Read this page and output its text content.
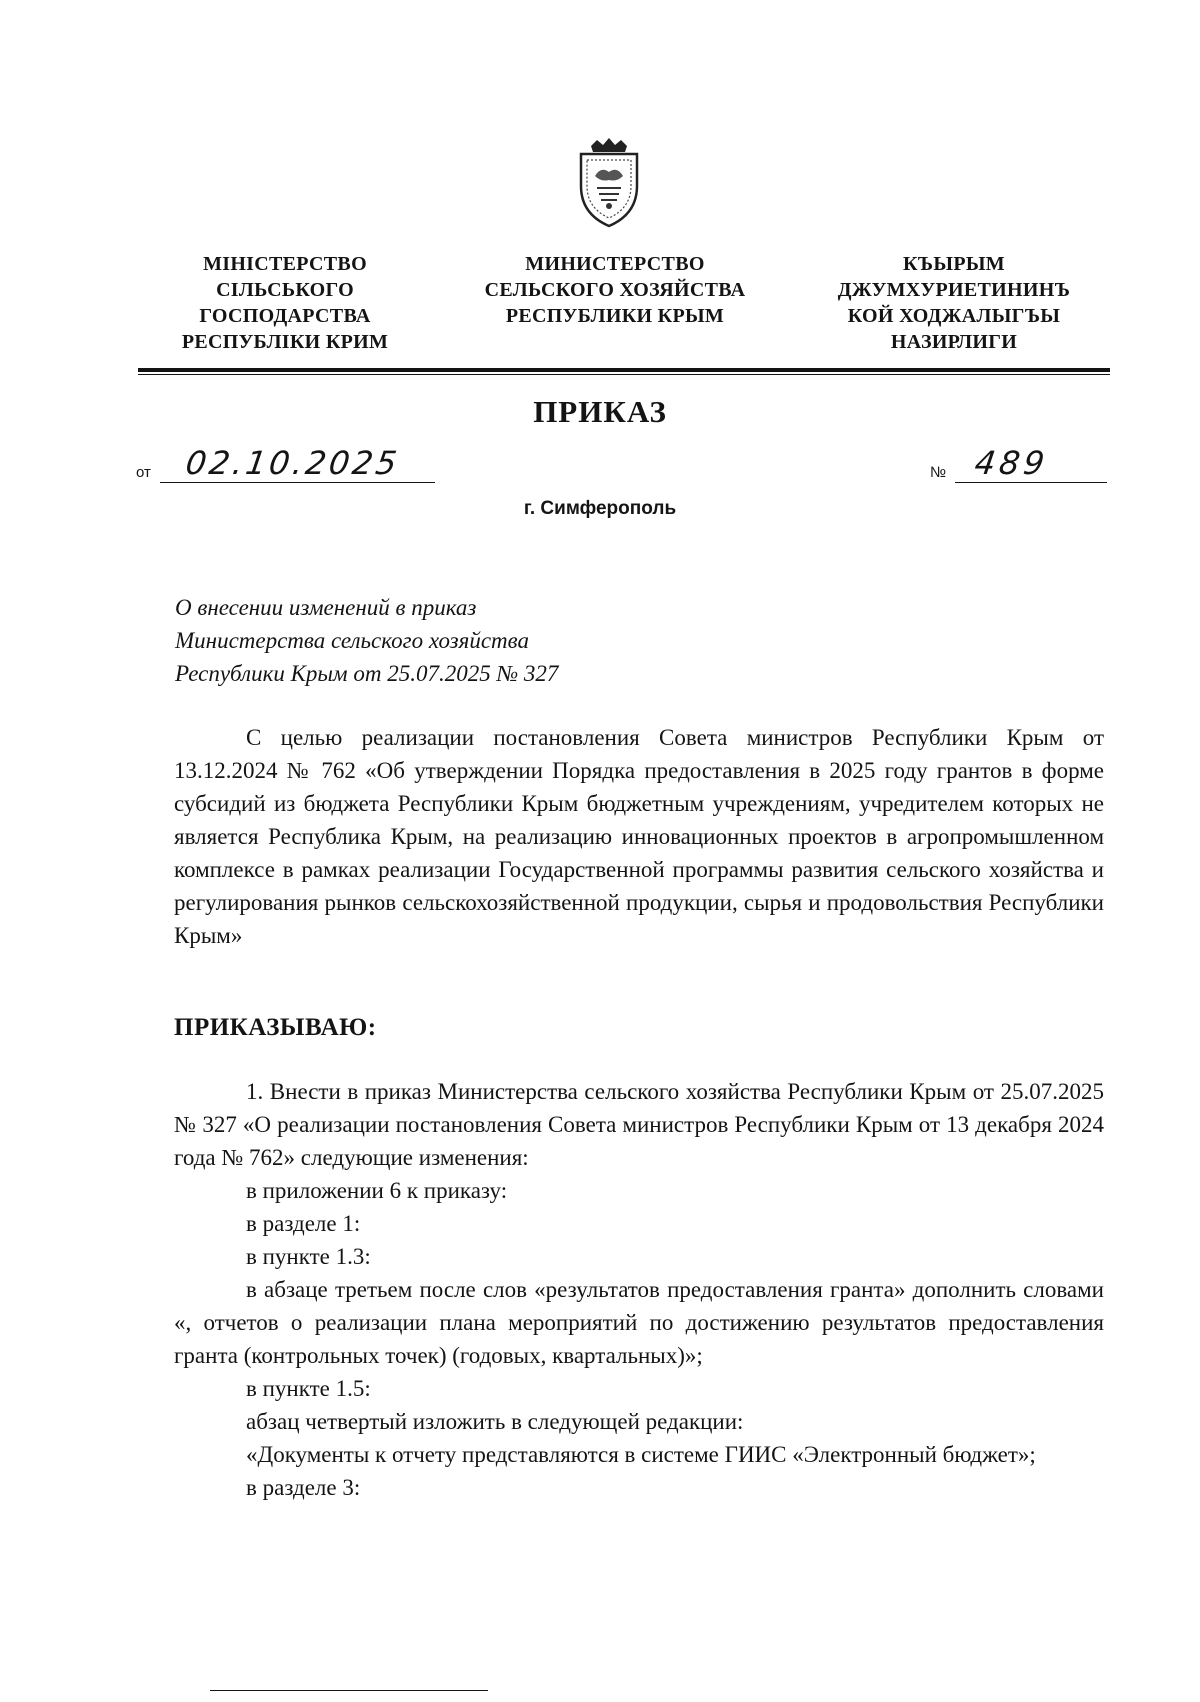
МІНІСТЕРСТВО
СІЛЬСЬКОГО
ГОСПОДАРСТВА
РЕСПУБЛІКИ КРИМ
МИНИСТЕРСТВО
СЕЛЬСКОГО ХОЗЯЙСТВА
РЕСПУБЛИКИ КРЫМ
КЪЫРЫМ
ДЖУМХУРИЕТИНИНЪ
КОЙ ХОДЖАЛЫГЪЫ
НАЗИРЛИГИ
ПРИКАЗ
от 02.10.2025	№ 489
г. Симферополь
О внесении изменений в приказ
Министерства сельского хозяйства
Республики Крым от 25.07.2025 № 327

С целью реализации постановления Совета министров Республики Крым от 13.12.2024 № 762 «Об утверждении Порядка предоставления в 2025 году грантов в форме субсидий из бюджета Республики Крым бюджетным учреждениям, учредителем которых не является Республика Крым, на реализацию инновационных проектов в агропромышленном комплексе в рамках реализации Государственной программы развития сельского хозяйства и регулирования рынков сельскохозяйственной продукции, сырья и продовольствия Республики Крым»

ПРИКАЗЫВАЮ:

1. Внести в приказ Министерства сельского хозяйства Республики Крым от 25.07.2025 № 327 «О реализации постановления Совета министров Республики Крым от 13 декабря 2024 года № 762» следующие изменения:

в приложении 6 к приказу:

в разделе 1:

в пункте 1.3:

в абзаце третьем после слов «результатов предоставления гранта» дополнить словами «, отчетов о реализации плана мероприятий по достижению результатов предоставления гранта (контрольных точек) (годовых, квартальных)»;

в пункте 1.5:

абзац четвертый изложить в следующей редакции:

«Документы к отчету представляются в системе ГИИС «Электронный бюджет»;

в разделе 3:
